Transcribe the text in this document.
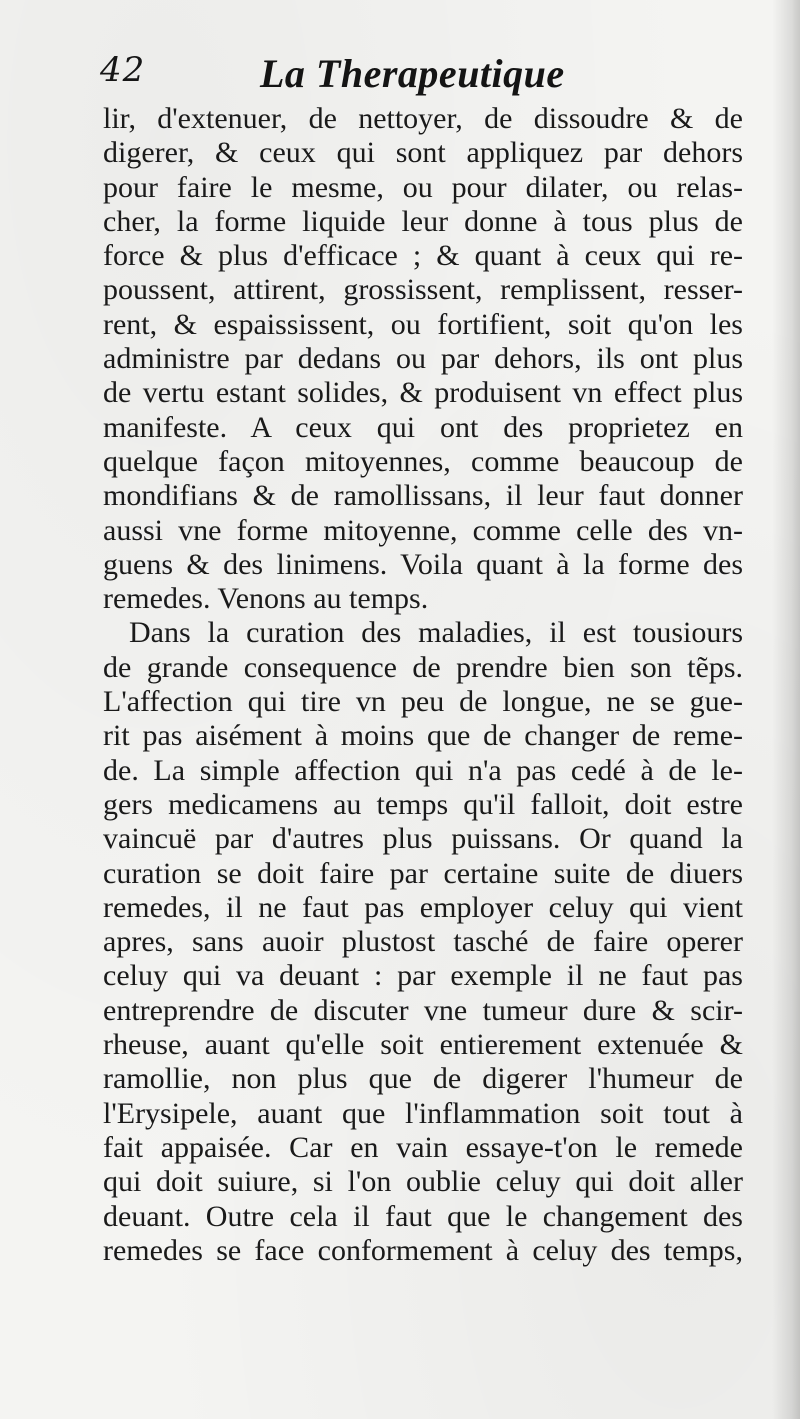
42	La Therapeutique
lir, d'extenuer, de nettoyer, de dissoudre & de
digerer, & ceux qui sont appliquez par dehors
pour faire le mesme, ou pour dilater, ou relas-
cher, la forme liquide leur donne à tous plus de
force & plus d'efficace ; & quant à ceux qui re-
poussent, attirent, grossissent, remplissent, resser-
rent, & espaississent, ou fortifient, soit qu'on les
administre par dedans ou par dehors, ils ont plus
de vertu estant solides, & produisent vn effect plus
manifeste. A ceux qui ont des proprietez en
quelque façon mitoyennes, comme beaucoup de
mondifians & de ramollissans, il leur faut donner
aussi vne forme mitoyenne, comme celle des vn-
guens & des linimens. Voila quant à la forme des
remedes. Venons au temps.
Dans la curation des maladies, il est tousiours
de grande consequence de prendre bien son tẽps.
L'affection qui tire vn peu de longue, ne se gue-
rit pas aisément à moins que de changer de reme-
de. La simple affection qui n'a pas cedé à de le-
gers medicamens au temps qu'il falloit, doit estre
vaincuë par d'autres plus puissans. Or quand la
curation se doit faire par certaine suite de diuers
remedes, il ne faut pas employer celuy qui vient
apres, sans auoir plustost tasché de faire operer
celuy qui va deuant : par exemple il ne faut pas
entreprendre de discuter vne tumeur dure & scir-
rheuse, auant qu'elle soit entierement extenuée &
ramollie, non plus que de digerer l'humeur de
l'Erysipele, auant que l'inflammation soit tout à
fait appaisée. Car en vain essaye-t'on le remede
qui doit suiure, si l'on oublie celuy qui doit aller
deuant. Outre cela il faut que le changement des
remedes se face conformement à celuy des temps,
